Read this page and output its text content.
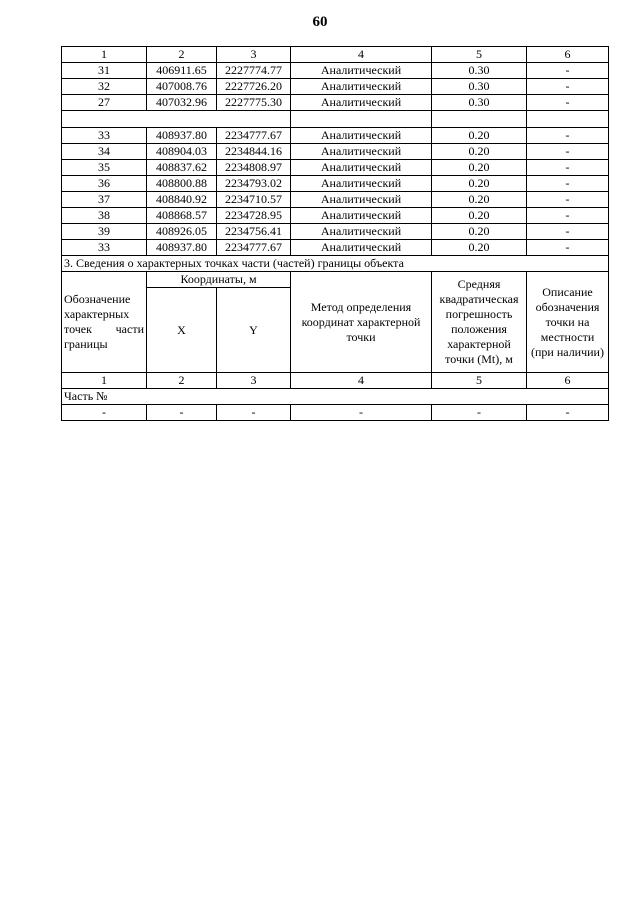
60
1	2	3	4	5	6
31	406911.65	2227774.77	Аналитический	0.30	-
32	407008.76	2227726.20	Аналитический	0.30	-
27	407032.96	2227775.30	Аналитический	0.30	-

33	408937.80	2234777.67	Аналитический	0.20	-
34	408904.03	2234844.16	Аналитический	0.20	-
35	408837.62	2234808.97	Аналитический	0.20	-
36	408800.88	2234793.02	Аналитический	0.20	-
37	408840.92	2234710.57	Аналитический	0.20	-
38	408868.57	2234728.95	Аналитический	0.20	-
39	408926.05	2234756.41	Аналитический	0.20	-
33	408937.80	2234777.67	Аналитический	0.20	-
3. Сведения о характерных точках части (частей) границы объекта					
Обозначение характерных точек части границы	Координаты, м		Метод определения координат характерной точки	Средняя квадратическая погрешность положения характерной точки (Mt), м	Описание обозначения точки на местности (при наличии)
	X	Y			
1	2	3	4	5	6
Часть №					
-	-	-	-	-	-
